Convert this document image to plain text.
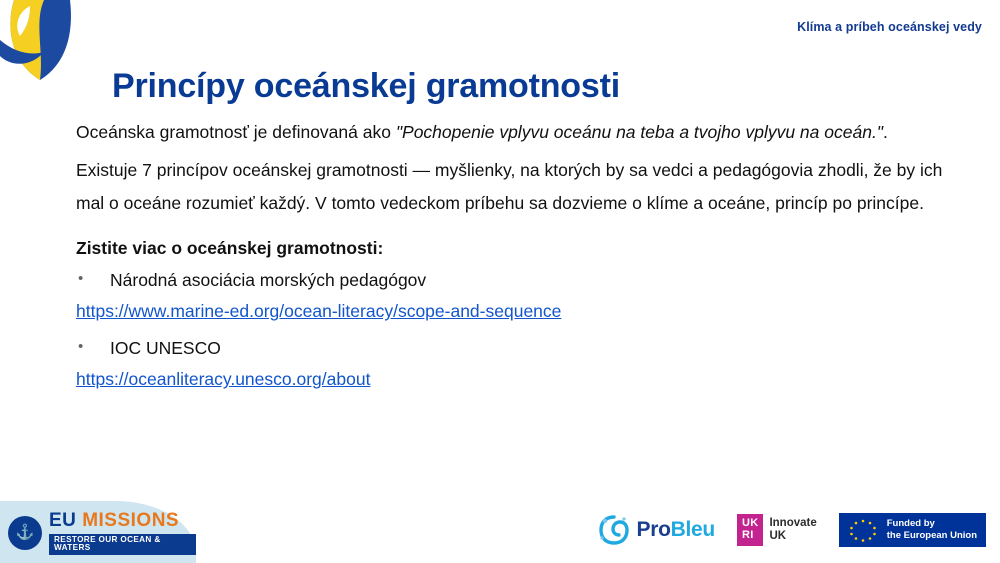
Klíma a príbeh oceánskej vedy
Princípy oceánskej gramotnosti

Oceánska gramotnosť je definovaná ako "Pochopenie vplyvu oceánu na teba a tvojho vplyvu na oceán.".

Existuje 7 princípov oceánskej gramotnosti — myšlienky, na ktorých by sa vedci a pedagógovia zhodli, že by ich mal o oceáne rozumieť každý. V tomto vedeckom príbehu sa dozvieme o klíme a oceáne, princíp po princípe.

Zistite viac o oceánskej gramotnosti:

• Národná asociácia morských pedagógov
https://www.marine-ed.org/ocean-literacy/scope-and-sequence
• IOC UNESCO
https://oceanliteracy.unesco.org/about
⚓
EU MISSIONS
RESTORE OUR OCEAN & WATERS
ProBleu	UK
RI
Innovate
UK
Funded by
the European Union
